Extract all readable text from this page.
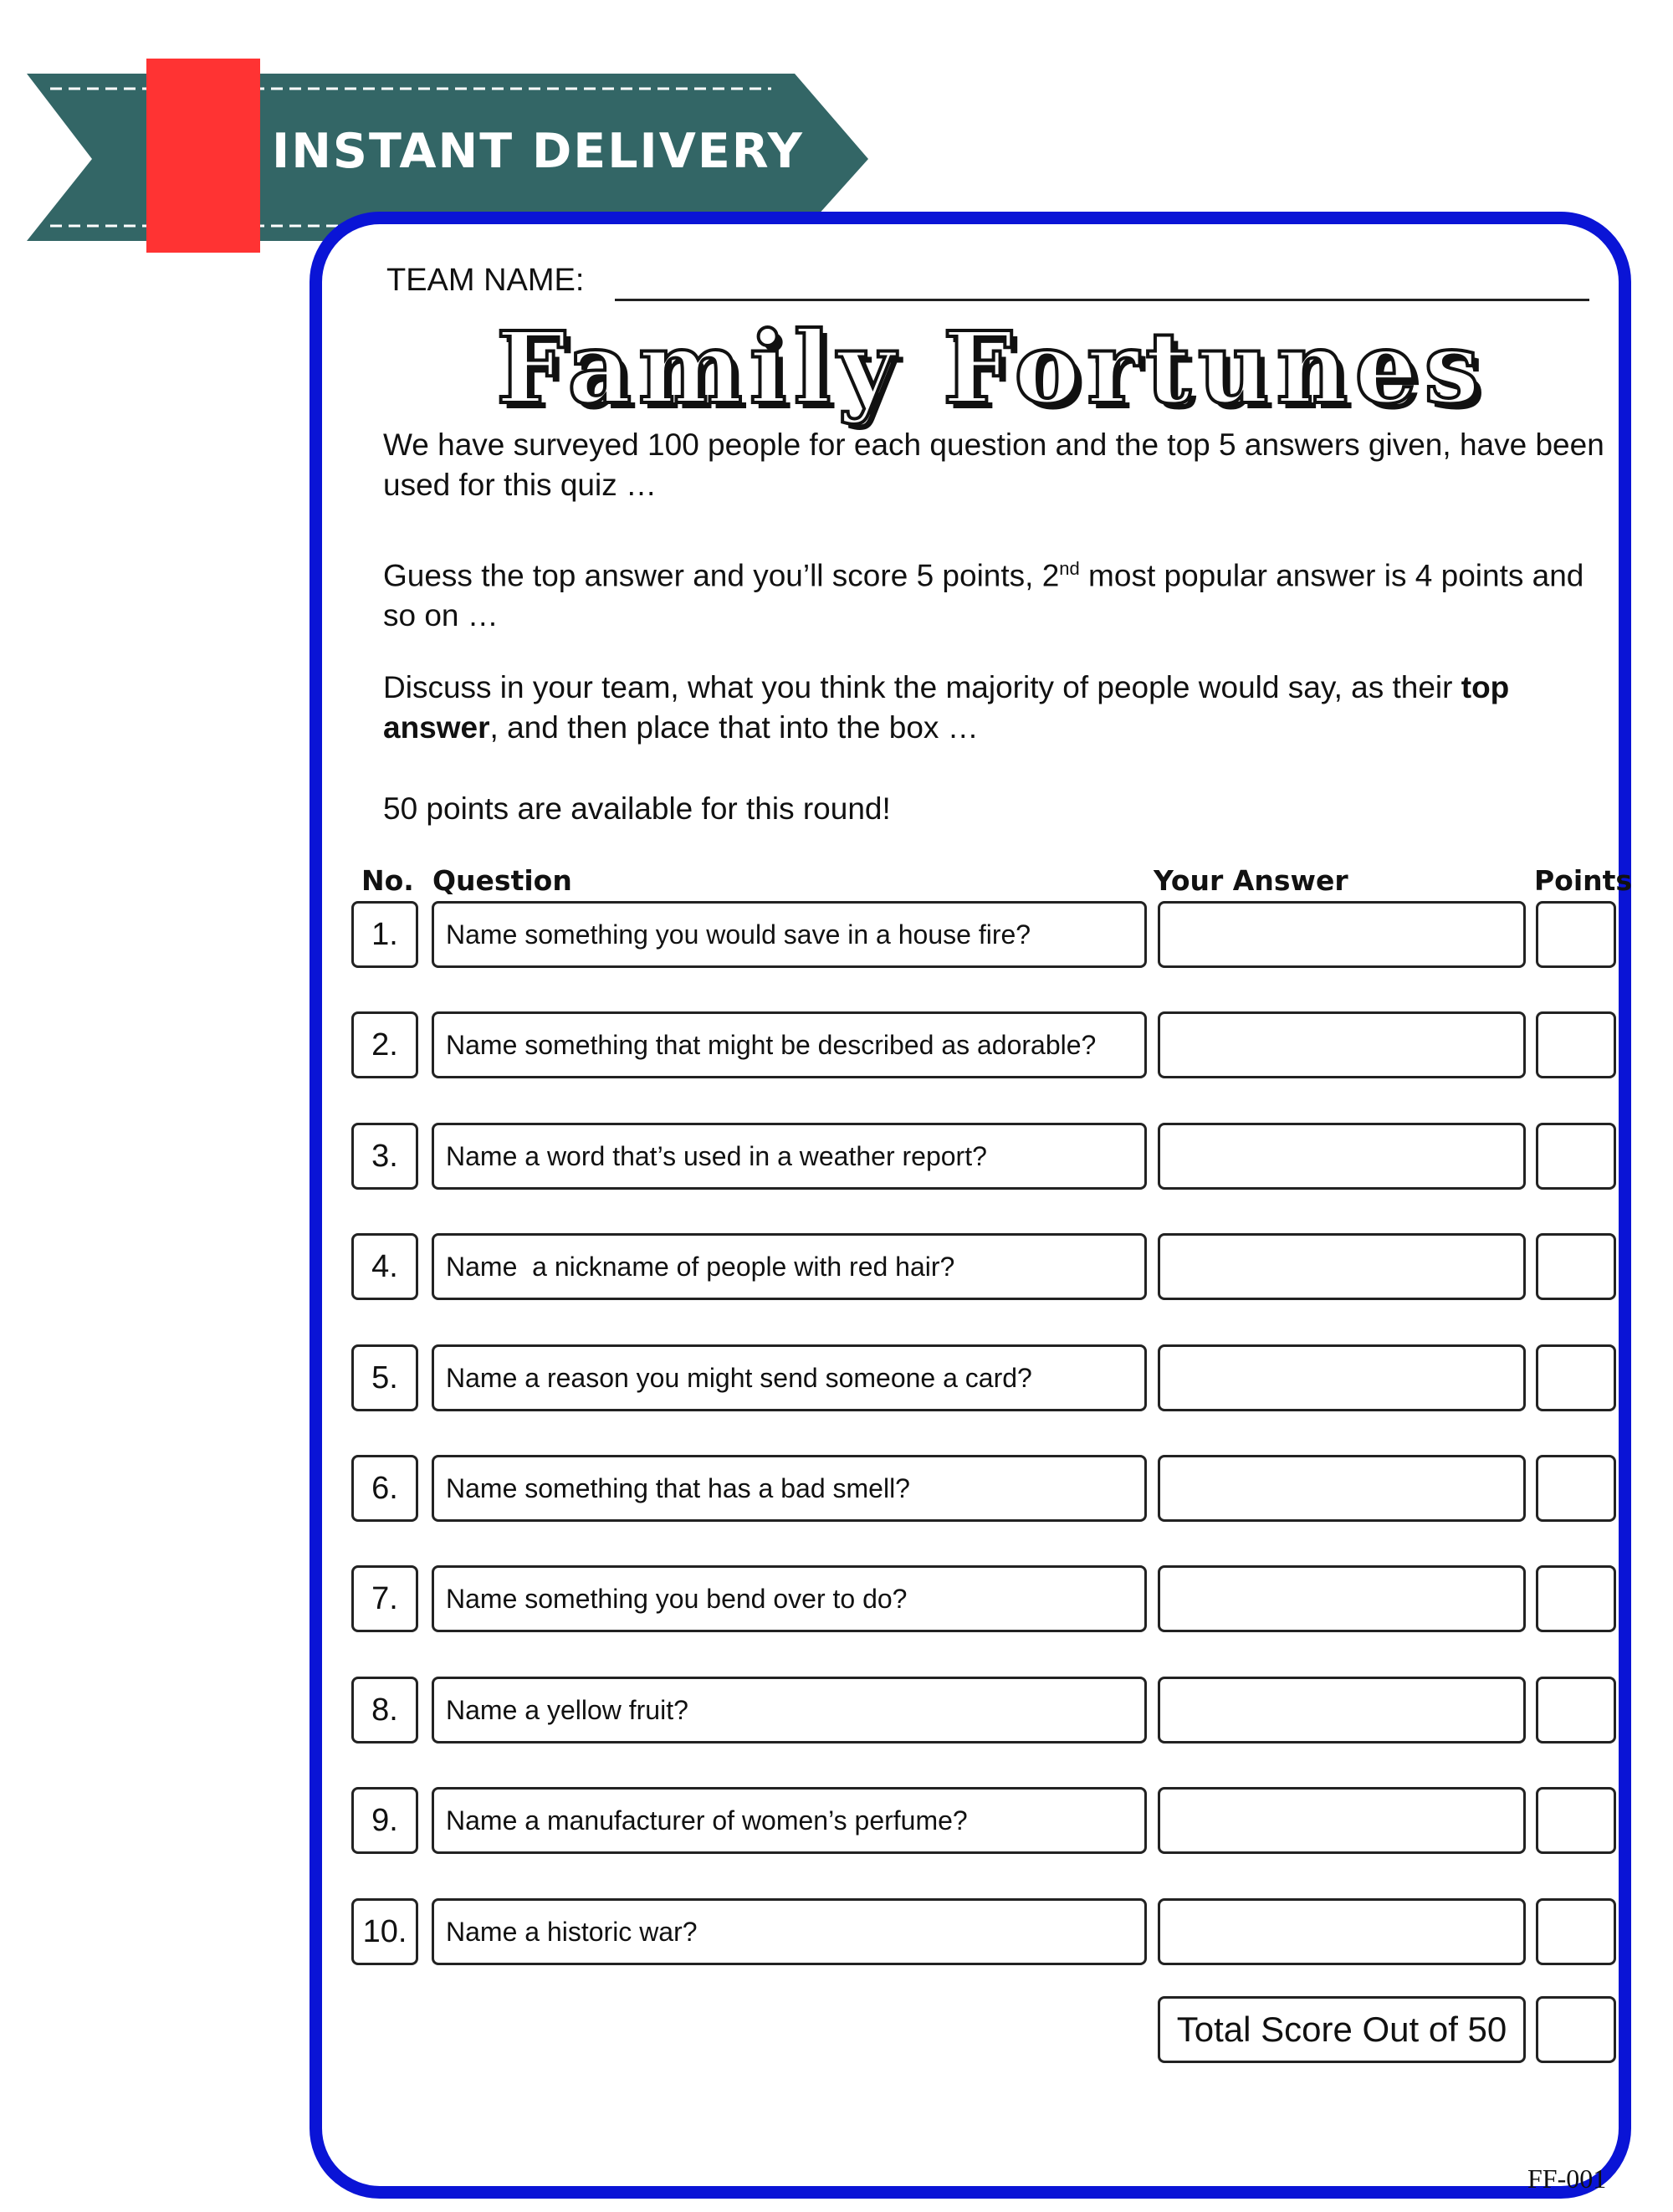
INSTANT DELIVERY
TEAM NAME:
Family Fortunes
We have surveyed 100 people for each question and the top 5 answers given, have been used for this quiz …
Guess the top answer and you’ll score 5 points, 2nd most popular answer is 4 points and so on …
Discuss in your team, what you think the majority of people would say, as their top answer, and then place that into the box …
50 points are available for this round!
No. Question	Your Answer	Points
1.	Name something you would save in a house fire?
2.	Name something that might be described as adorable?
3.	Name a word that’s used in a weather report?
4.	Name  a nickname of people with red hair?
5.	Name a reason you might send someone a card?
6.	Name something that has a bad smell?
7.	Name something you bend over to do?
8.	Name a yellow fruit?
9.	Name a manufacturer of women’s perfume?
10.	Name a historic war?
Total Score Out of 50
FF-001
